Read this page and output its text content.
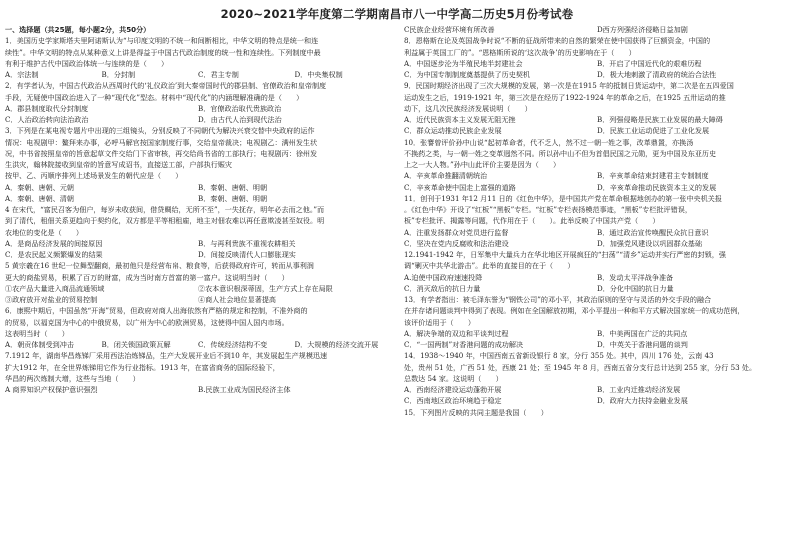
2020~2021学年度第二学期南昌市八一中学高二历史5月份考试卷
一、选择题（共25题，每小题2分，共50分）
1．美国历史学家斯塔夫里阿诺斯认为“与印度文明的不统一和间断相比，中华文明的特点是统一和连
续性”。中华文明的特点从某种意义上讲是得益于中国古代政治制度的统一性和连续性。下列制度中最
有利于维护古代中国政治体统一与连续的是（　　）
A．宗法制	B．分封制	C．君主专制	D．中央集权制
2．有学者认为，中国古代政治从西周时代的‘礼仪政治’到大秦帝国时代的郡县制、官僚政治和皇帝制度
手段，无疑使中国政治进入了一种“现代化”型态。材料中“现代化”的内涵理解准确的是（　　）
A．郡县制度取代分封制度	B．官僚政治取代贵族政治
C．人治政治转向法治政治	D．由古代人治到现代法治
3．下列是在某电视专题片中出现的三组镜头，分别反映了不同朝代为解决兴衰交替中央政府的运作
情况：电视剧甲：鳌拜来办事，必呼马解官按国家制度行事，交给皇帝裁决；电视剧乙：满州发生状
况，中书省按照皇帝的旨意起草文件交给门下省审核，再交给尚书省的工部执行；电视剧丙：徐州发
生洪灾，翰林院接收到皇帝的旨意写成诏书，直接送工部，户部执行赈灾
按甲、乙、丙顺序排列上述场景发生的朝代应是（　　）
A．秦朝、唐朝、元朝	B．秦朝、唐朝、明朝
A．秦朝、唐朝、清朝	B．秦朝、唐朝、明朝
4 在宋代，“富民召客为佃户，每岁未收获间，借贷赒给，无所不至”，一失抚存，明年必去而之他。”而
到了清代，租佃关系更趋向于契约化，双方都是平等相租雇，地主对佃农难以再任意欺凌甚至奴役。明
农地位的变化是（　　）
A．是商品经济发展的间接原因	B．与再利贵族不重视农耕相关
C．是农民起义频繁爆发的结果	D．间接反映清代人口膨胀现实
5 黄宗羲在16 世纪一位舞型翻商，最初他只是经营布帛、粮食等，后获得政府许可，转而从事利润
更大的商盐贸易，积累了百万的财富，成为当时南方首富的第一富户。这说明当时（　　）
①农产品大量进入商品流通领域	②农本意识根深蒂固，生产方式上存在局限
③政府放开对盐业的贸易控制	④商人社会地位显著提高
6．康熙中期后，中国虽然“开海”贸易，但政府对商人出海依然有严格的规定和控制，不准外商的
的贸易，以福克国为中心的中俄贸易，以广州为中心的欧洲贸易，这使得中国人国内市场。
这表明当时（　　）
A．朝贡体制受到冲击	B．闭关锁国政策瓦解	C．传统经济结构不变	D．大规模的经济交流开展
7.1912 年，湖南华昌炼锑厂采用西法冶炼锑品，生产大发展开业后不到10 年，其发展起生产规模迅速
扩大1912 年，在全世界炼锑用它作为行业指标。1913 年，在富省商务的国际经验下，
华昌的两次炼制大增，这些与当地（　　）
A 商界知识产权保护意识强烈	B.民族工业成为国民经济主体
C民族企业经营环境有所改善	D西方列强经济侵略日益加剧
8．恩格斯在论及英国战争时说“不断的征战所带来的自然的繁荣在使中国获得了巨额资金，中国的
利益属于英国工厂的”。“恩格斯所说的‘这次战争’的历史影响在于（　　）
A．中国逐步沦为半殖民地半封建社会	B．开启了中国近代化的艰难历程
C．为中国专制制度奠基提供了历史契机	D．极大地刺激了清政府的统治合法性
9．民国时期经济出现了三次大规模的发展，第一次是在1915 年的抵制日货运动中，第二次是在五四爱国
运动发生之后，1919-1921 年，第三次是在经历了1922-1924 年的革命之后，在1925 五卅运动的推
动下，这几次民族经济发展说明（　　）
A．近代民族资本主义发展无阻无挫	B．列强侵略是民族工业发展的最大障碍
C．群众运动推动民族企业发展	D．民族工业运动促进了工业化发展
10．张謇曾评价孙中山说“起初革命者，代不乏人，然不过一朝一姓之事，改革鼎置，亦换汤
不换药之类，与一朝一姓之变革迥然不同。所以孙中山不但为首倡民国之元勋，更为中国及东亚历史
上之一大人物。”孙中山此评价主要是因为（　　）
A．辛亥革命推翻清朝统治	B．辛亥革命结束封建君主专制制度
C．辛亥革命使中国走上富强的道路	D．辛亥革命推动民族资本主义的发展
11．创刊于1931 年12 月11 日的《红色中华》，是中国共产党在革命根据地创办的第一张中央机关报
。《红色中华》开设了“红板”“黑板”专栏。“红板”专栏表扬模范事迹，“黑板”专栏批评错误，
板”专栏批评、揭露等问题，代作用在于（　　）。此举反映了中国共产党（　　）
A．注重发扬群众对党员进行监督	B．通过政治宣传唤醒民众抗日意识
C．坚决在党内反腐败和法治建设	D．加强党风建设以巩固群众基础
12.1941-1942 年，日军集中大量兵力在华北地区开展疯狂的“扫荡”“清乡”运动并实行严密的封锁，强
调“剿灭中共华北游击”。此举的直接目的在于（　　）
A.迫使中国政府速速投降	B．发动太平洋战争准备
C．消灭敌后的抗日力量	D．分化中国的抗日力量
13．有学者指出：被毛泽东誉为“钢铁公司”的邓小平，其政治原则的坚守与灵活的外交手段的融合
在并存诸问题谈判中得到了表现。例如在全国解放初期，邓小平提出一种和平方式解决国家统一的成功范例，
该评价适用于（　　）
A．解决争端的双边和平谈判过程	B．中美两国在广泛的共同点
C．“一国两制”对香港问题的成功解决	D．中英关于香港问题的谈判
14．1938～1940 年，中国西南五省新设银行 8 家，分行 355 处。其中，四川 176 处，云南 43
处，贵州 51 处，广西 51 处，西康 21 处；至 1945 年 8 月，西南五省分支行总计达到 255 家，分行 53 处。
总数达 54 家。这说明（　　）
A．西南经济建设运动蓬勃开展	B．工业内迁推动经济发展
C．西南地区政治环境趋于稳定	D．政府大力扶持金融业发展
15．下列图片反映的共同主题是我国（　　）
